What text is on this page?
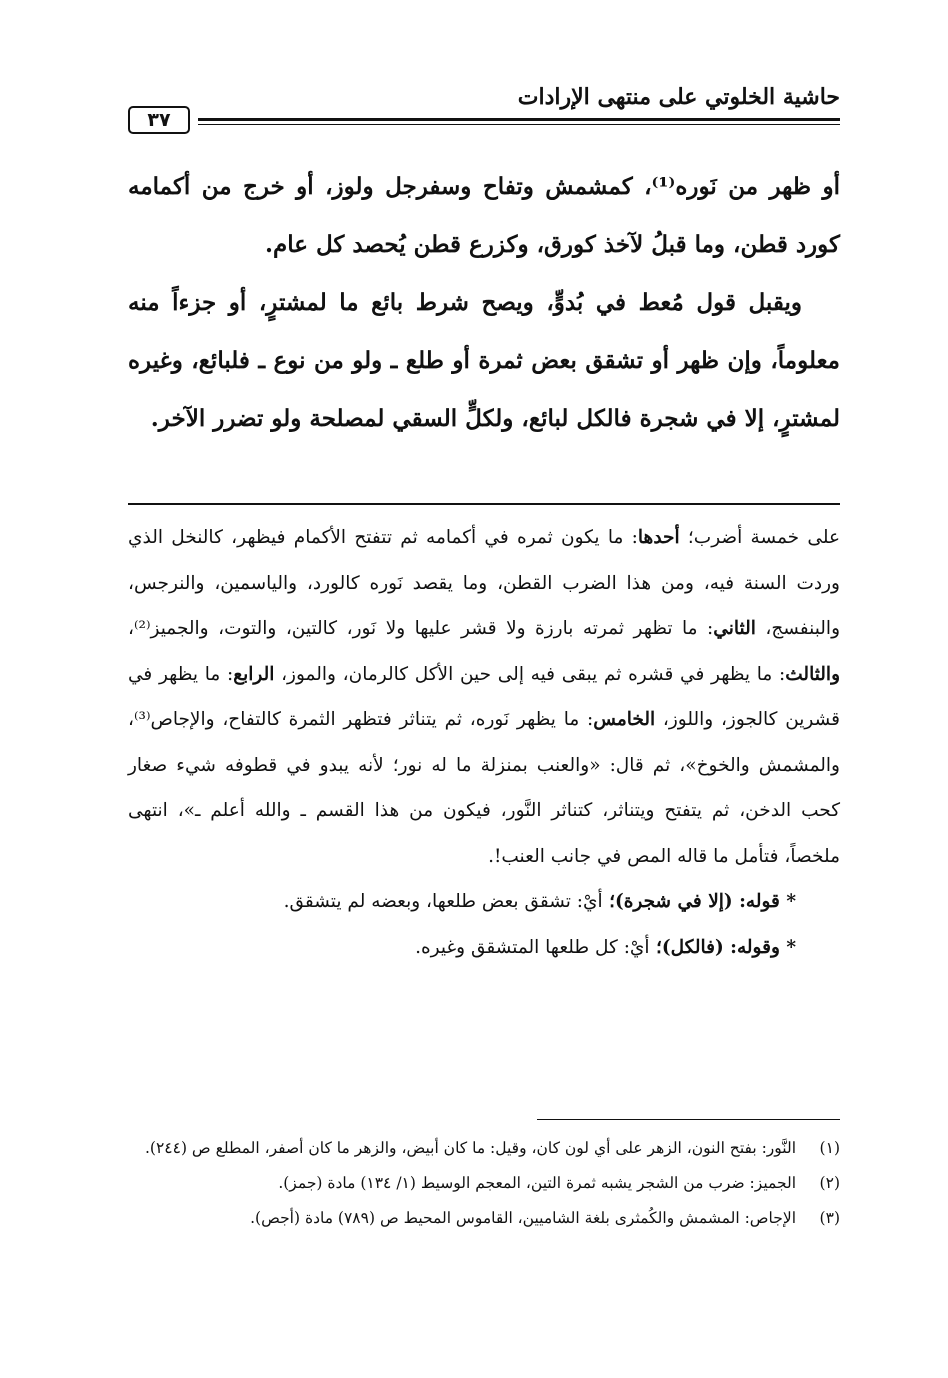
حاشية الخلوتي على منتهى الإرادات
٣٧

أو ظهر من نَوره⁽¹⁾، كمشمش وتفاح وسفرجل ولوز، أو خرج من أكمامه كورد قطن، وما قبلُ لآخذ كورق، وكزرع قطن يُحصد كل عام.

ويقبل قول مُعط في بُدوٍّ، ويصح شرط بائع ما لمشترٍ، أو جزءاً منه معلوماً، وإن ظهر أو تشقق بعض ثمرة أو طلع ـ ولو من نوع ـ فلبائع، وغيره لمشترٍ، إلا في شجرة فالكل لبائع، ولكلٍّ السقي لمصلحة ولو تضرر الآخر.

على خمسة أضرب؛ أحدها: ما يكون ثمره في أكمامه ثم تتفتح الأكمام فيظهر، كالنخل الذي وردت السنة فيه، ومن هذا الضرب القطن، وما يقصد نَوره كالورد، والياسمين، والنرجس، والبنفسج، الثاني: ما تظهر ثمرته بارزة ولا قشر عليها ولا نَور، كالتين، والتوت، والجميز⁽²⁾، والثالث: ما يظهر في قشره ثم يبقى فيه إلى حين الأكل كالرمان، والموز، الرابع: ما يظهر في قشرين كالجوز، واللوز، الخامس: ما يظهر نَوره، ثم يتناثر فتظهر الثمرة كالتفاح، والإجاص⁽³⁾، والمشمش والخوخ»، ثم قال: «والعنب بمنزلة ما له نور؛ لأنه يبدو في قطوفه شيء صغار كحب الدخن، ثم يتفتح ويتناثر، كتناثر النَّور، فيكون من هذا القسم ـ والله أعلم ـ»، انتهى ملخصاً، فتأمل ما قاله المص في جانب العنب!.

* قوله: (إلا في شجرة)؛ أيْ: تشقق بعض طلعها، وبعضه لم يتشقق.

* وقوله: (فالكل)؛ أيْ: كل طلعها المتشقق وغيره.

(١)
النَّور: بفتح النون، الزهر على أي لون كان، وقيل: ما كان أبيض، والزهر ما كان أصفر، المطلع ص (٢٤٤).

(٢)
الجميز: ضرب من الشجر يشبه ثمرة التين، المعجم الوسيط (١/ ١٣٤) مادة (جمز).

(٣)
الإجاص: المشمش والكُمثرى بلغة الشاميين، القاموس المحيط ص (٧٨٩) مادة (أجص).
